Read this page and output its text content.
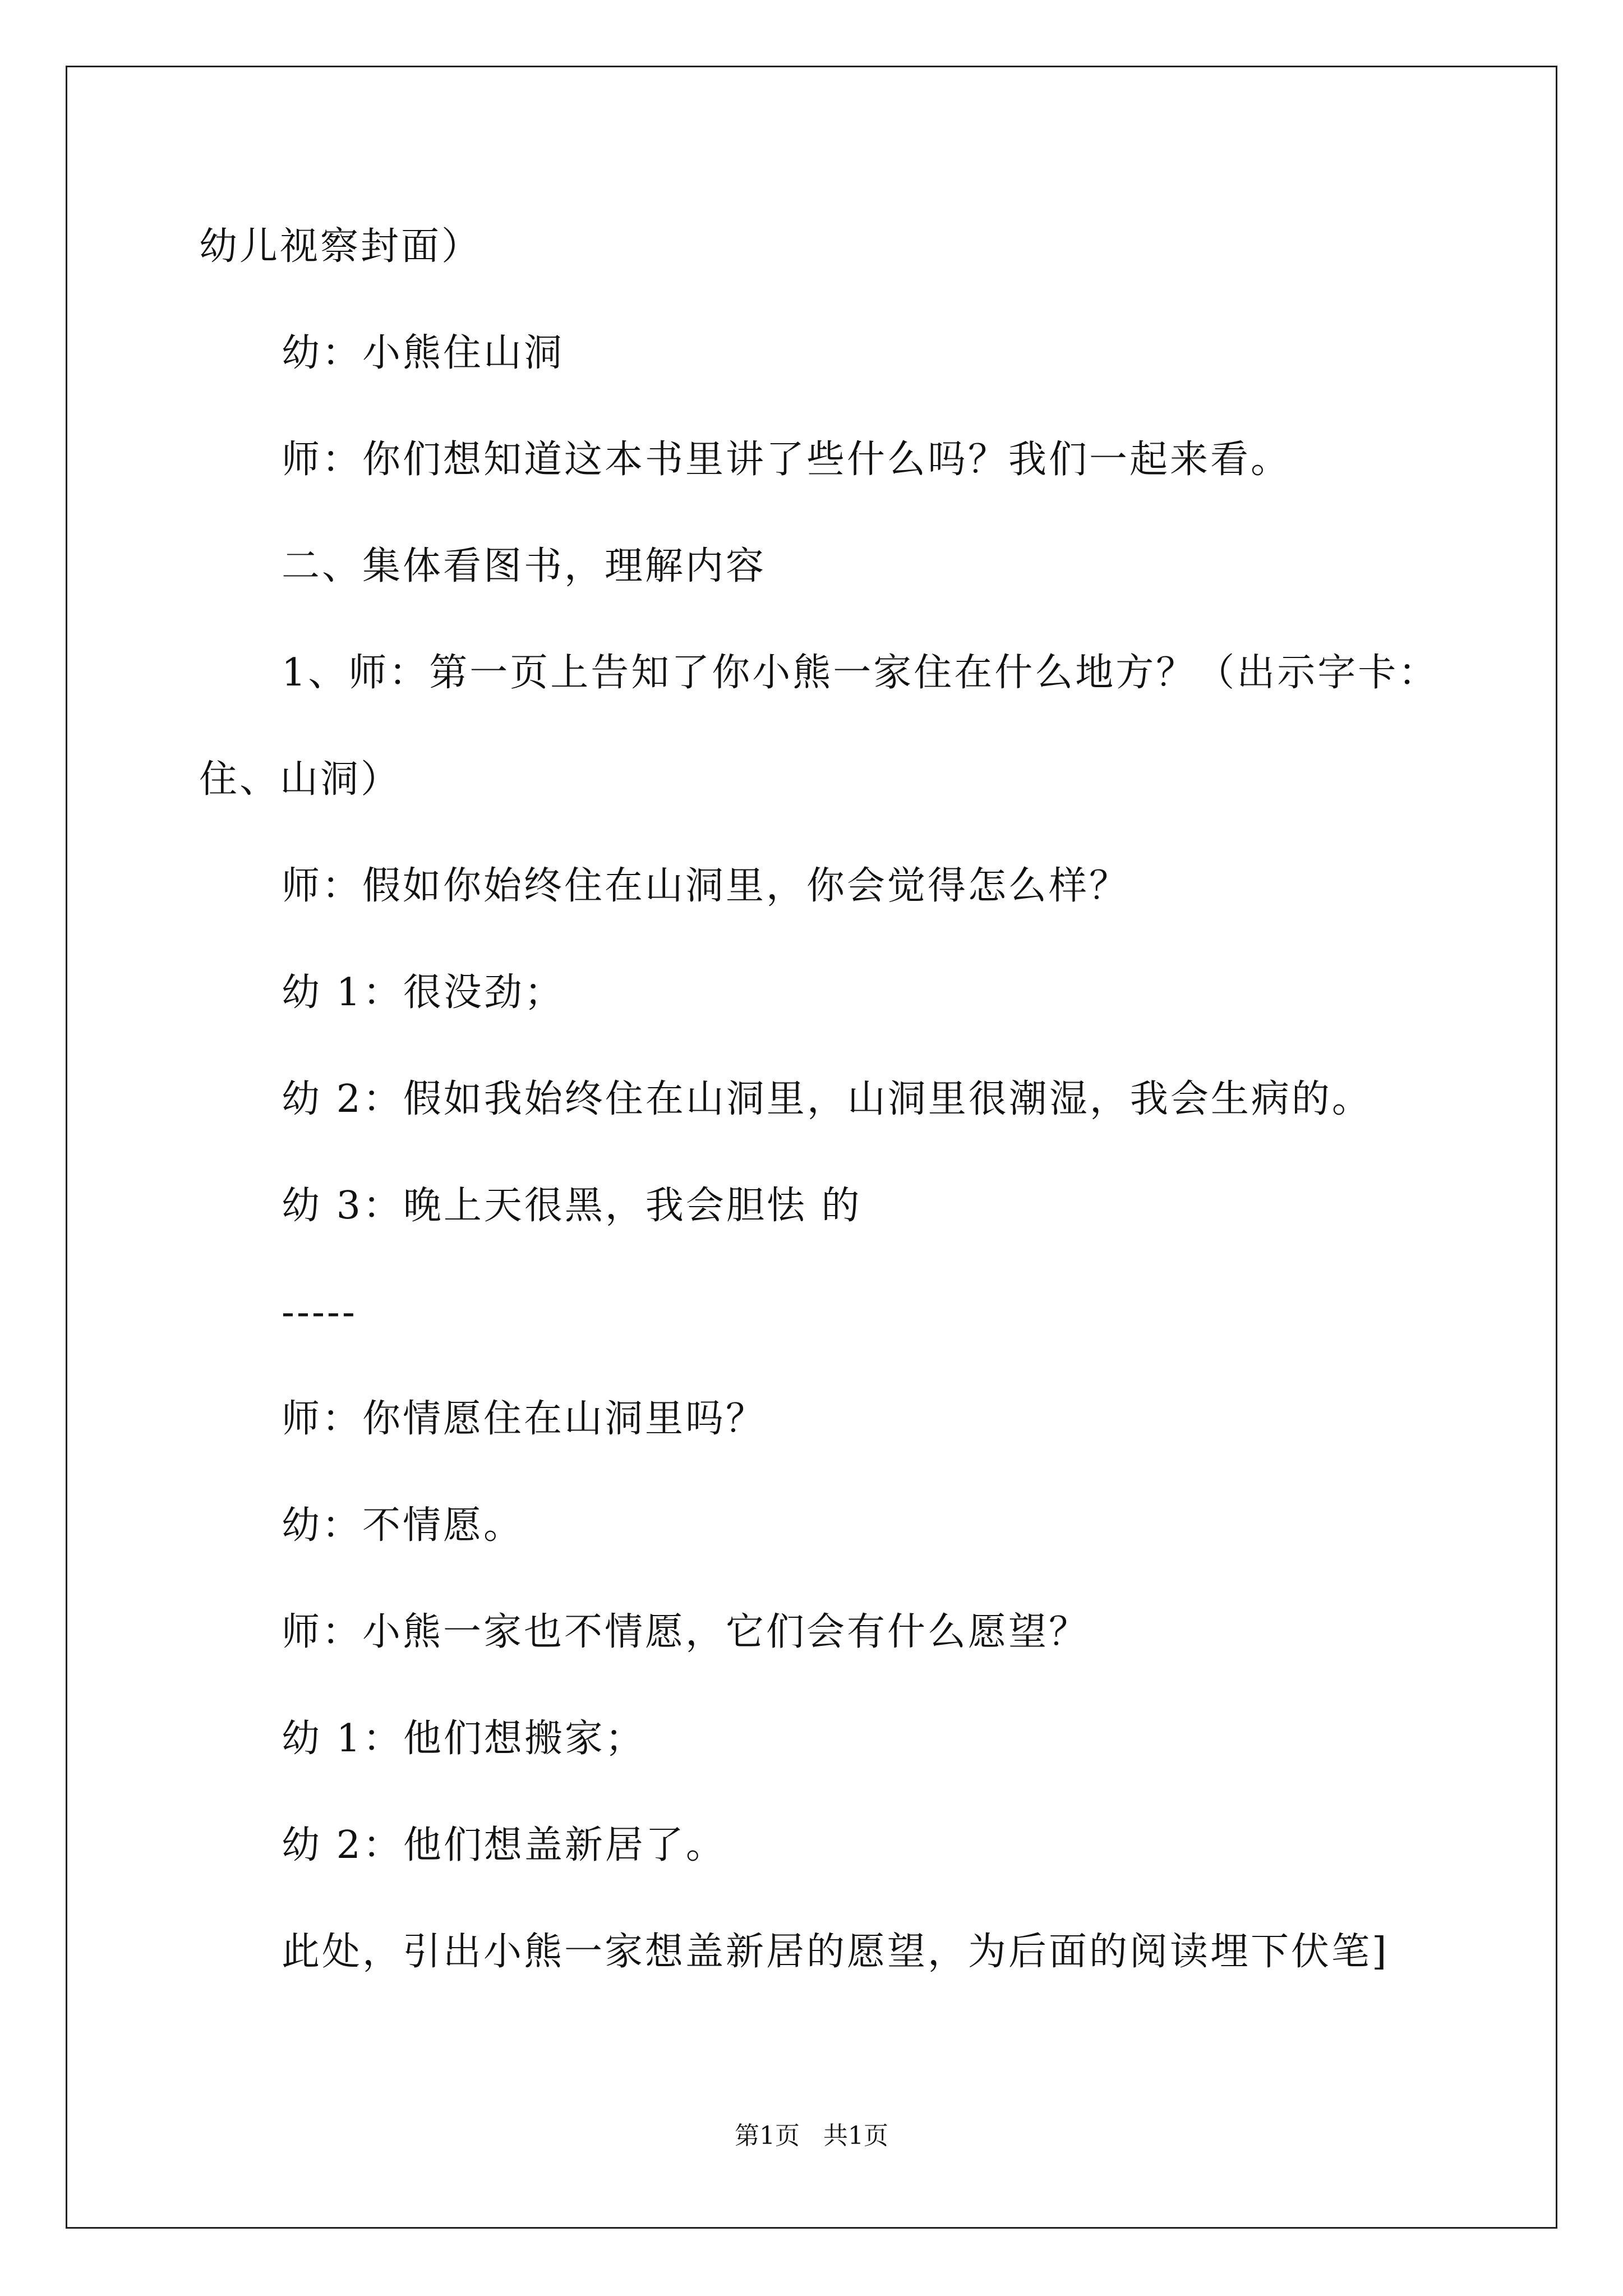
幼儿视察封面）
幼：小熊住山洞
师：你们想知道这本书里讲了些什么吗？我们一起来看。
二、集体看图书，理解内容
1、师：第一页上告知了你小熊一家住在什么地方？（出示字卡：
住、山洞）
师：假如你始终住在山洞里，你会觉得怎么样？
幼 1：很没劲；
幼 2：假如我始终住在山洞里，山洞里很潮湿，我会生病的。
幼 3：晚上天很黑，我会胆怯 的
-----
师：你情愿住在山洞里吗？
幼：不情愿。
师：小熊一家也不情愿，它们会有什么愿望？
幼 1：他们想搬家；
幼 2：他们想盖新居了。
此处，引出小熊一家想盖新居的愿望，为后面的阅读埋下伏笔]
第1页   共1页
